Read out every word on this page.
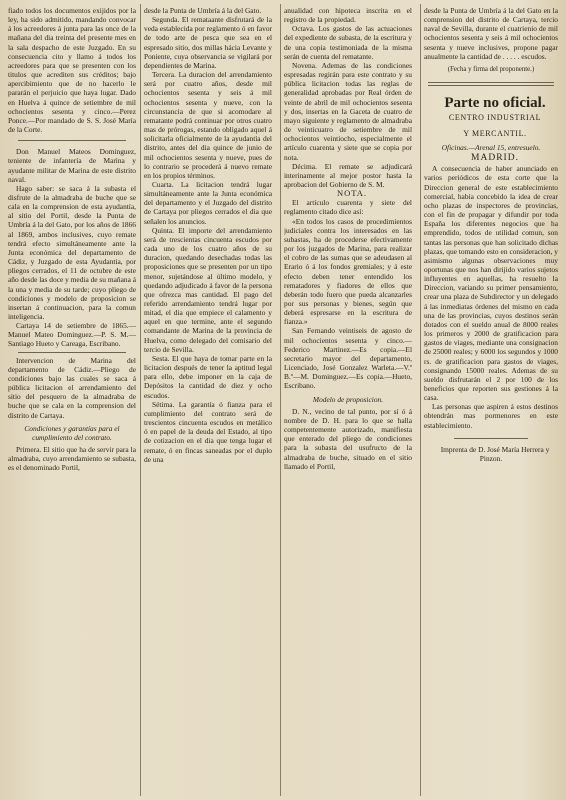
fiado todos los documentos exijidos por la ley, ha sido admitido, mandando convocar á los acreedores á junta para las once de la mañana del dia treinta del presente mes en la sala despacho de este Juzgado. En su consecuencia cito y llamo á todos los acreedores para que se presenten con los titulos que acrediten sus créditos; bajo apercibimiento que de no hacerlo le pararán el perjuicio que haya lugar. Dado en Huelva á quince de setiembre de mil ochocientos sesenta y cinco.—Perez Ponce.—Por mandado de S. S. José María de la Corte.

Don Manuel Mateos Dominguez, teniente de infantería de Marina y ayudante militar de Marina de este distrito naval.

Hago saber: se saca á la subasta el disfrute de la almadraba de buche que se cala en la comprension de esta ayudantía, al sitio del Portil, desde la Punta de Umbría á la del Gato, por los años de 1866 al 1869, ambos inclusives, cuyo remate tendrá efecto simultáneamente ante la Junta económica del departamento de Cádiz, y Juzgado de esta Ayudantia, por pliegos cerrados, el 11 de octubre de este año desde las doce y media de su mañana á la una y media de su tarde; cuyo pliego de condiciones y modelo de proposicion se insertan á continuacion, para la comun inteligencia.

Cartaya 14 de setiembre de 1865.—Manuel Mateo Dominguez.—P. S. M.—Santiago Hueto y Careaga, Escribano.

Intervencion de Marina del departamento de Cádiz.—Pliego de condiciones bajo las cuales se saca á pública licitacion el arrendamiento del sitio del pesquero de la almadraba de buche que se cala en la comprension del distrito de Cartaya.

Condiciones y garantías para el cumplimiento del contrato.

Primera. El sitio que ha de servir para la almadraba, cuyo arrendamiento se subasta, es el denominado Portil,

desde la Punta de Umbría á la del Gato.

Segunda. El remataante disfrutará de la veda establecida por reglamento ó en favor de todo arte de pesca que sea en el espresado sitio, dos millas hácia Levante y Poniente, cuya observancia se vigilará por dependientes de Marina.

Tercera. La duracion del arrendamiento será por cuatro años, desde mil ochocientos sesenta y seis á mil ochocientos sesenta y nueve, con la circunstancia de que si acomodare al rematante podrá continuar por otros cuatro mas de prórogas, estando obligado aquel á solicitarla oficialmente de la ayudantía del distrito, antes del dia quince de junio de mil ochocientos sesenta y nueve, pues de lo contrario se procederá á nuevo remate en los propios términos.

Cuarta. La licitacion tendrá lugar simultáneamente ante la Junta económica del departamento y el Juzgado del distrito de Cartaya por pliegos cerrados el dia que señalen los anuncios.

Quinta. El importe del arrendamiento será de trescientas cincuenta escudos por cada uno de los cuatro años de su duracion, quedando desechadas todas las proposiciones que se presenten por un tipo menor, sujetándose al último modelo, y quedando adjudicado á favor de la persona que ofrezca mas cantidad. El pago del referido arrendamiento tendrá lugar por mitad, el dia que empiece el calamento y aquel en que termine, ante el segundo comandante de Marina de la provincia de Huelva, como delegado del comisario del tercio de Sevilla.

Sesta. El que haya de tomar parte en la licitacion después de tener la aptitud legal para ello, debe imponer en la caja de Depósitos la cantidad de diez y ocho escudos.

Sétima. La garantía ó fianza para el cumplimiento del contrato será de trescientos cincuenta escudos en metálico ó en papel de la deuda del Estado, al tipo de cotizacion en el dia que tenga lugar el remate, ó en fincas saneadas por el duplo de una

anualidad con hipoteca inscrita en el registro de la propiedad.

Octava. Los gastos de las actuaciones del expediente de subasta, de la escritura y de una copia testimoniada de la misma serán de cuenta del rematante.

Novena. Ademas de las condiciones espresadas regirán para este contrato y su pública licitacion todas las reglas de generalidad aprobadas por Real órden de veinte de abril de mil ochocientos sesenta y dos, insertas en la Gaceta de cuatro de mayo siguiente y reglamento de almadraba de veinticuatro de setiembre de mil ochocientos veintiocho, especialmente el artículo cuarenta y siete que se copia por nota.

Décima. El remate se adjudicará interinamente al mejor postor hasta la aprobacion del Gobierno de S. M.

NOTA.

El artículo cuarenta y siete del reglamento citado dice así:

«En todos los casos de procedimientos judiciales contra los interesados en las subastas, ha de procederse efectivamente por los juzgados de Marina, para realizar el cobro de las sumas que se adeudasen al Erario ó á los fondos gremiales; y á este efecto deben tener entendido los rematadores y fiadores de ellos que deberán todo fuero que pueda alcanzarles por sus personas y bienes, según que deberá espresarse en la escritura de fianza.»

San Fernando veintiseis de agosto de mil ochocientos sesenta y cinco.—Federico Martinez.—Es copia.—El secretario mayor del departamento, Licenciado, José Gonzalez Warleta.—V.º B.º—M. Dominguez.—Es copia.—Hueto, Escribano.

Modelo de proposicion.

D. N., vecino de tal punto, por sí ó á nombre de D. H. para lo que se halla competentemente autorizado, manifiesta que enterado del pliego de condiciones para la subasta del usufructo de la almadraba de buche, situado en el sitio llamado el Portil,

desde la Punta de Umbría á la del Gato en la comprension del distrito de Cartaya, tercio naval de Sevilla, durante el cuatrienio de mil ochocientos sesenta y seis á mil ochocientos sesenta y nueve inclusives, propone pagar anualmente la cantidad de . . . . . escudos.

(Fecha y firma del proponente.)

Parte no oficial.

CENTRO INDUSTRIAL

Y MERCANTIL.

Oficinas.—Arenal 15, entresuelo.

MADRID.

A consecuencia de haber anunciado en varios periódicos de esta corte que la Direccion general de este establecimiento comercial, había concebido la idea de crear ocho plazas de inspectores de provincias, con el fin de propagar y difundir por toda España los diferentes negocios que ha emprendido, todos de utilidad comun, son tantas las personas que han solicitado dichas plazas, que tomando esto en consideracion, y asimismo algunas observaciones muy oportunas que nos han dirijido varios sujetos influyentes en aquellas, ha resuelto la Direccion, variando su primer pensamiento, crear una plaza de Subdirector y un delegado á las inmediatas órdenes del mismo en cada una de las provincias, cuyos destinos serán dotados con el sueldo anual de 8000 reales los primeros y 2000 de gratificacion para gastos de viages, mediante una consignacion de 25000 reales; y 6000 los segundos y 1000 rs. de gratificacion para gastos de viages, consignando 15000 reales. Ademas de su sueldo disfrutarán el 2 por 100 de los beneficios que reporten sus gestiones á la casa.

Las personas que aspiren á estos destinos obtendrán mas pormenores en este establecimiento.

Imprenta de D. José María Herrera y Pinzon.
